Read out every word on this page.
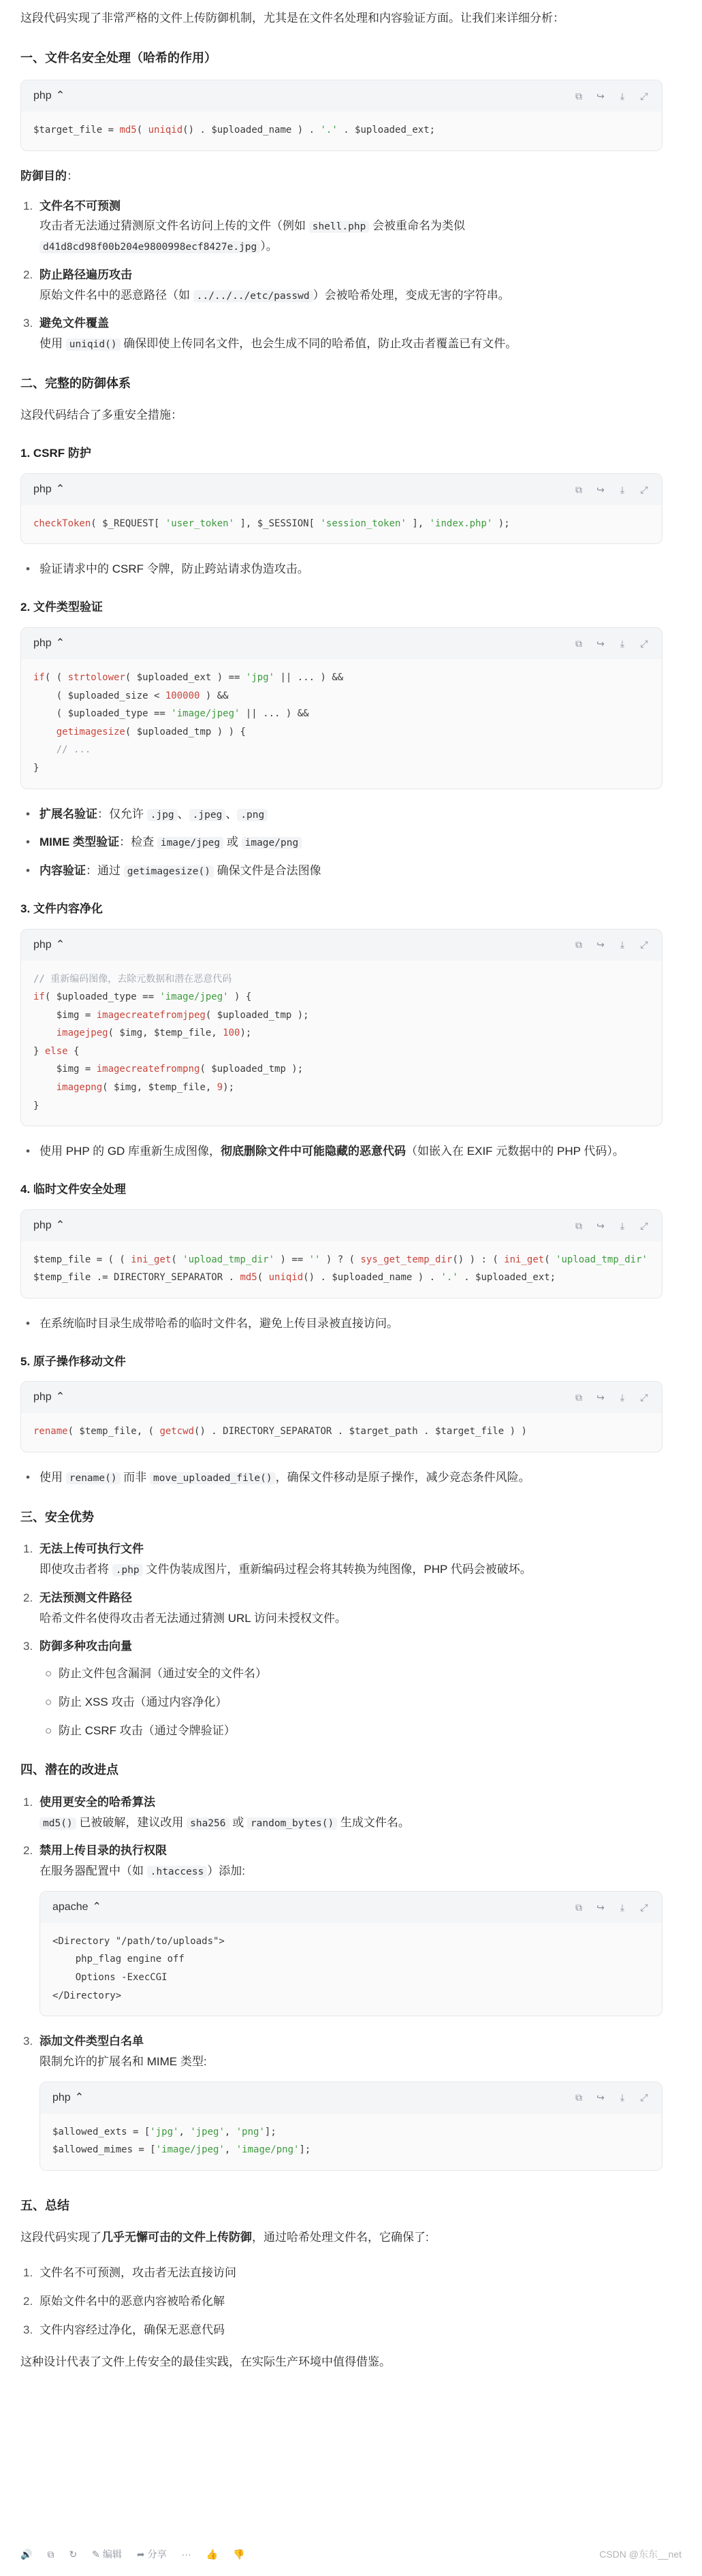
这段代码实现了非常严格的文件上传防御机制，尤其是在文件名处理和内容验证方面。让我们来详细分析：

一、文件名安全处理（哈希的作用）
php ⌃	⧉ ↪	⤓	⤢
$target_file = md5( uniqid() . $uploaded_name ) . '.' . $uploaded_ext;

防御目的：

1. 文件名不可预测
攻击者无法通过猜测原文件名访问上传的文件（例如 shell.php 会被重命名为类似
d41d8cd98f00b204e9800998ecf8427e.jpg ）。
2. 防止路径遍历攻击
原始文件名中的恶意路径（如 ../../../etc/passwd ）会被哈希处理，变成无害的字符串。
3. 避免文件覆盖
使用 uniqid() 确保即使上传同名文件，也会生成不同的哈希值，防止攻击者覆盖已有文件。
二、完整的防御体系

这段代码结合了多重安全措施：

1. CSRF 防护
php ⌃	⧉ ↪	⤓	⤢
checkToken( $_REQUEST[ 'user_token' ], $_SESSION[ 'session_token' ], 'index.php' );
• 验证请求中的 CSRF 令牌，防止跨站请求伪造攻击。
2. 文件类型验证
php ⌃	⧉ ↪	⤓	⤢
if( ( strtolower( $uploaded_ext ) == 'jpg' || ... ) &&
( $uploaded_size < 100000 ) &&
( $uploaded_type == 'image/jpeg' || ... ) &&
getimagesize( $uploaded_tmp ) ) {
// ...
}
• 扩展名验证：仅允许 .jpg 、 .jpeg 、 .png
• MIME 类型验证：检查 image/jpeg 或 image/png
• 内容验证：通过 getimagesize() 确保文件是合法图像
3. 文件内容净化
php ⌃	⧉ ↪	⤓	⤢
// 重新编码图像，去除元数据和潜在恶意代码
if( $uploaded_type == 'image/jpeg' ) {
$img = imagecreatefromjpeg( $uploaded_tmp );
imagejpeg( $img, $temp_file, 100);
} else {
$img = imagecreatefrompng( $uploaded_tmp );
imagepng( $img, $temp_file, 9);
}
• 使用 PHP 的 GD 库重新生成图像，彻底删除文件中可能隐藏的恶意代码（如嵌入在 EXIF 元数据中的 PHP 代码）。
4. 临时文件安全处理
php ⌃	⧉ ↪	⤓	⤢
$temp_file = ( ( ini_get( 'upload_tmp_dir' ) == '' ) ? ( sys_get_temp_dir() ) : ( ini_get( 'upload_tmp_dir'
$temp_file .= DIRECTORY_SEPARATOR . md5( uniqid() . $uploaded_name ) . '.' . $uploaded_ext;
• 在系统临时目录生成带哈希的临时文件名，避免上传目录被直接访问。
5. 原子操作移动文件
php ⌃	⧉ ↪	⤓	⤢
rename( $temp_file, ( getcwd() . DIRECTORY_SEPARATOR . $target_path . $target_file ) )
• 使用 rename() 而非 move_uploaded_file() ，确保文件移动是原子操作，减少竞态条件风险。
三、安全优势
1. 无法上传可执行文件
即使攻击者将 .php 文件伪装成图片，重新编码过程会将其转换为纯图像，PHP 代码会被破坏。
2. 无法预测文件路径
哈希文件名使得攻击者无法通过猜测 URL 访问未授权文件。
3. 防御多种攻击向量
○ 防止文件包含漏洞（通过安全的文件名）
○ 防止 XSS 攻击（通过内容净化）
○ 防止 CSRF 攻击（通过令牌验证）
四、潜在的改进点
1. 使用更安全的哈希算法
md5() 已被破解，建议改用 sha256 或 random_bytes() 生成文件名。
2. 禁用上传目录的执行权限
在服务器配置中（如 .htaccess ）添加:
apache ⌃	⧉ ↪	⤓	⤢
<Directory "/path/to/uploads">
php_flag engine off
Options -ExecCGI
</Directory>
3. 添加文件类型白名单
限制允许的扩展名和 MIME 类型:
php ⌃	⧉ ↪	⤓	⤢
$allowed_exts = ['jpg', 'jpeg', 'png'];
$allowed_mimes = ['image/jpeg', 'image/png'];
五、总结

这段代码实现了几乎无懈可击的文件上传防御，通过哈希处理文件名，它确保了:

1. 文件名不可预测，攻击者无法直接访问
2. 原始文件名中的恶意内容被哈希化解
3. 文件内容经过净化，确保无恶意代码

这种设计代表了文件上传安全的最佳实践，在实际生产环境中值得借鉴。

🔊 ⧉ ↻ ✎ 编辑 ➦ 分享 ··· 👍 👎	CSDN @东东__net
